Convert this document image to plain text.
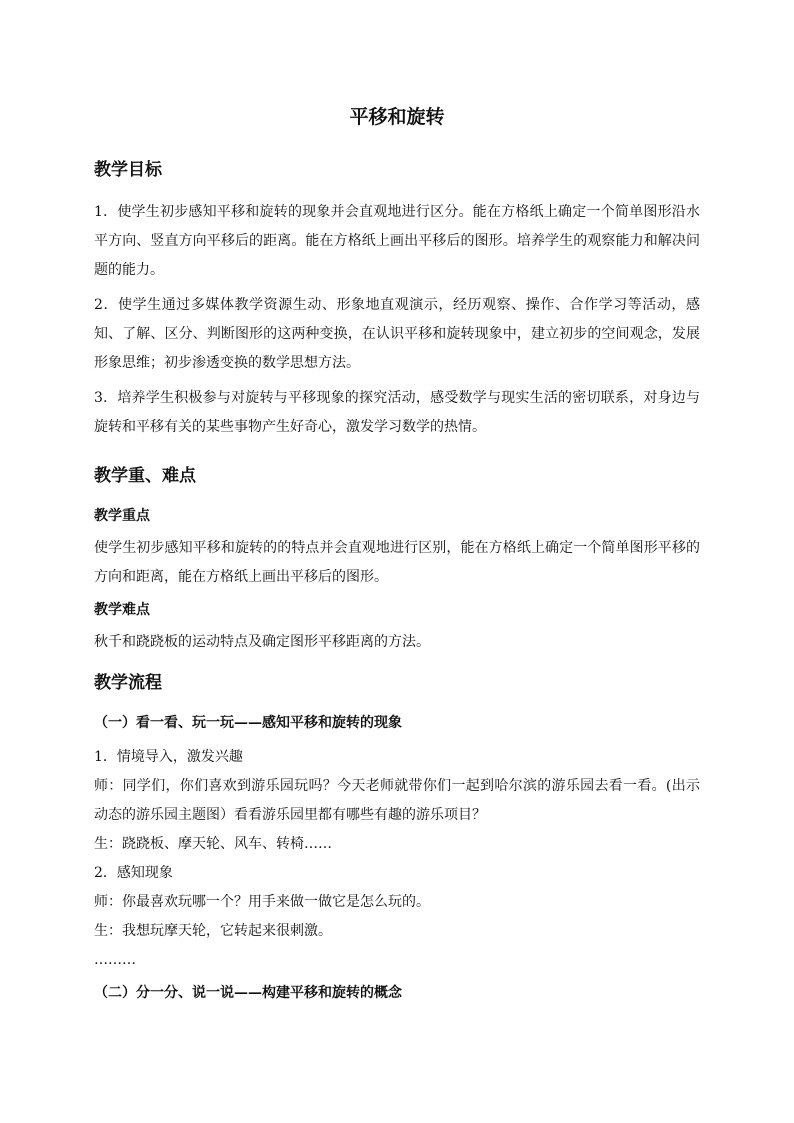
平移和旋转
教学目标
1．使学生初步感知平移和旋转的现象并会直观地进行区分。能在方格纸上确定一个简单图形沿水平方向、竖直方向平移后的距离。能在方格纸上画出平移后的图形。培养学生的观察能力和解决问题的能力。
2．使学生通过多媒体教学资源生动、形象地直观演示，经历观察、操作、合作学习等活动，感知、了解、区分、判断图形的这两种变换，在认识平移和旋转现象中，建立初步的空间观念，发展形象思维；初步渗透变换的数学思想方法。
3．培养学生积极参与对旋转与平移现象的探究活动，感受数学与现实生活的密切联系，对身边与旋转和平移有关的某些事物产生好奇心，激发学习数学的热情。
教学重、难点
教学重点
使学生初步感知平移和旋转的的特点并会直观地进行区别，能在方格纸上确定一个简单图形平移的方向和距离，能在方格纸上画出平移后的图形。
教学难点
秋千和跷跷板的运动特点及确定图形平移距离的方法。
教学流程
（一）看一看、玩一玩——感知平移和旋转的现象
1．情境导入，激发兴趣
师：同学们，你们喜欢到游乐园玩吗？今天老师就带你们一起到哈尔滨的游乐园去看一看。(出示动态的游乐园主题图）看看游乐园里都有哪些有趣的游乐项目？
生：跷跷板、摩天轮、风车、转椅……
2．感知现象
师：你最喜欢玩哪一个？用手来做一做它是怎么玩的。
生：我想玩摩天轮，它转起来很刺激。
………
（二）分一分、说一说——构建平移和旋转的概念
